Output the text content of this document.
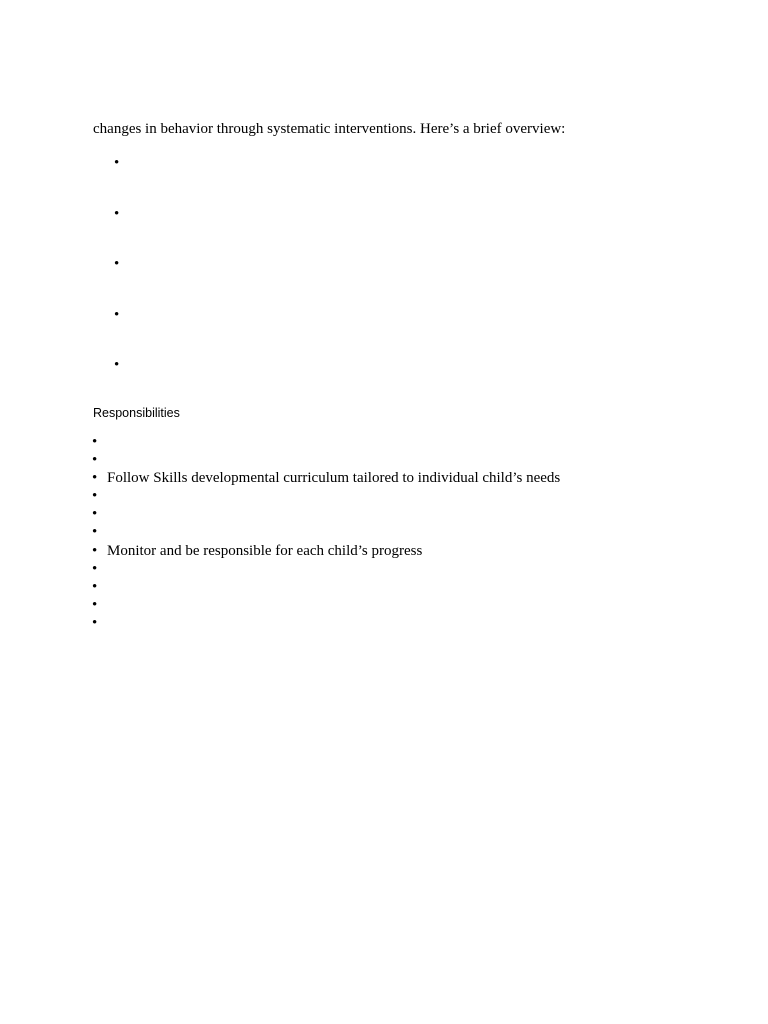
changes in behavior through systematic interventions. Here’s a brief overview:

•
•
•
•
•
Responsibilities
•
•
• Follow Skills developmental curriculum tailored to individual child’s needs
•
•
•
• Monitor and be responsible for each child’s progress
•
•
•
•
